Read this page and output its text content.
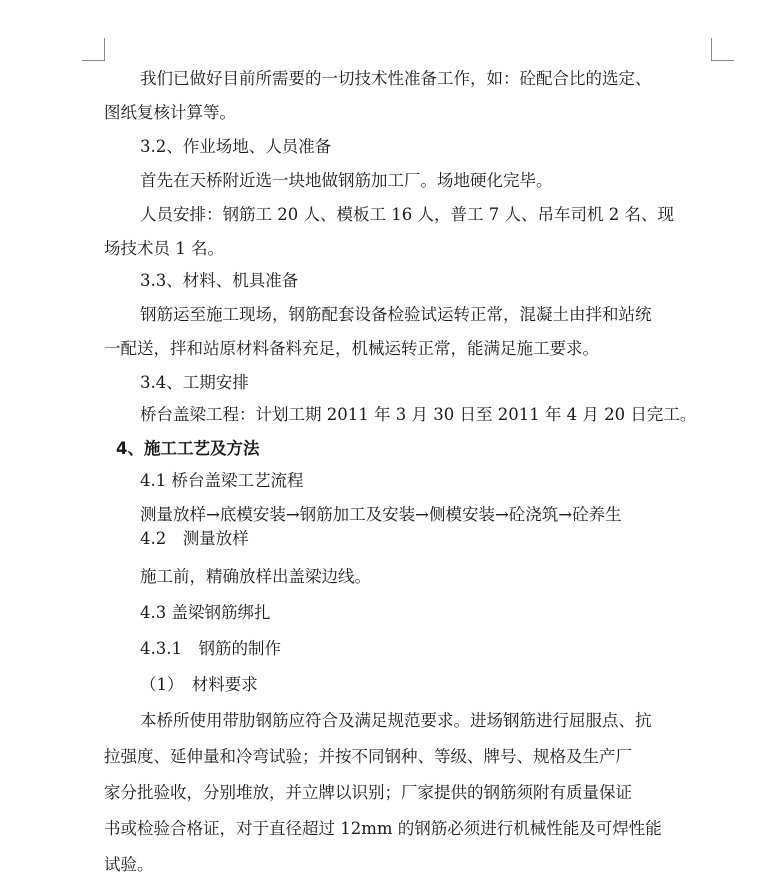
我们已做好目前所需要的一切技术性准备工作，如：砼配合比的选定、
图纸复核计算等。
3.2、作业场地、人员准备
首先在天桥附近选一块地做钢筋加工厂。场地硬化完毕。
人员安排：钢筋工 20 人、模板工 16 人，普工 7 人、吊车司机 2 名、现
场技术员 1 名。
3.3、材料、机具准备
钢筋运至施工现场，钢筋配套设备检验试运转正常，混凝土由拌和站统
一配送，拌和站原材料备料充足，机械运转正常，能满足施工要求。
3.4、工期安排
桥台盖梁工程：计划工期 2011 年 3 月 30 日至 2011 年 4 月 20 日完工。
4、施工工艺及方法
4.1 桥台盖梁工艺流程
测量放样→底模安装→钢筋加工及安装→侧模安装→砼浇筑→砼养生
4.2　测量放样
施工前，精确放样出盖梁边线。
4.3 盖梁钢筋绑扎
4.3.1　钢筋的制作
（1）　材料要求
本桥所使用带肋钢筋应符合及满足规范要求。进场钢筋进行屈服点、抗
拉强度、延伸量和冷弯试验；并按不同钢种、等级、牌号、规格及生产厂
家分批验收，分别堆放，并立牌以识别；厂家提供的钢筋须附有质量保证
书或检验合格证，对于直径超过 12mm 的钢筋必须进行机械性能及可焊性能
试验。
